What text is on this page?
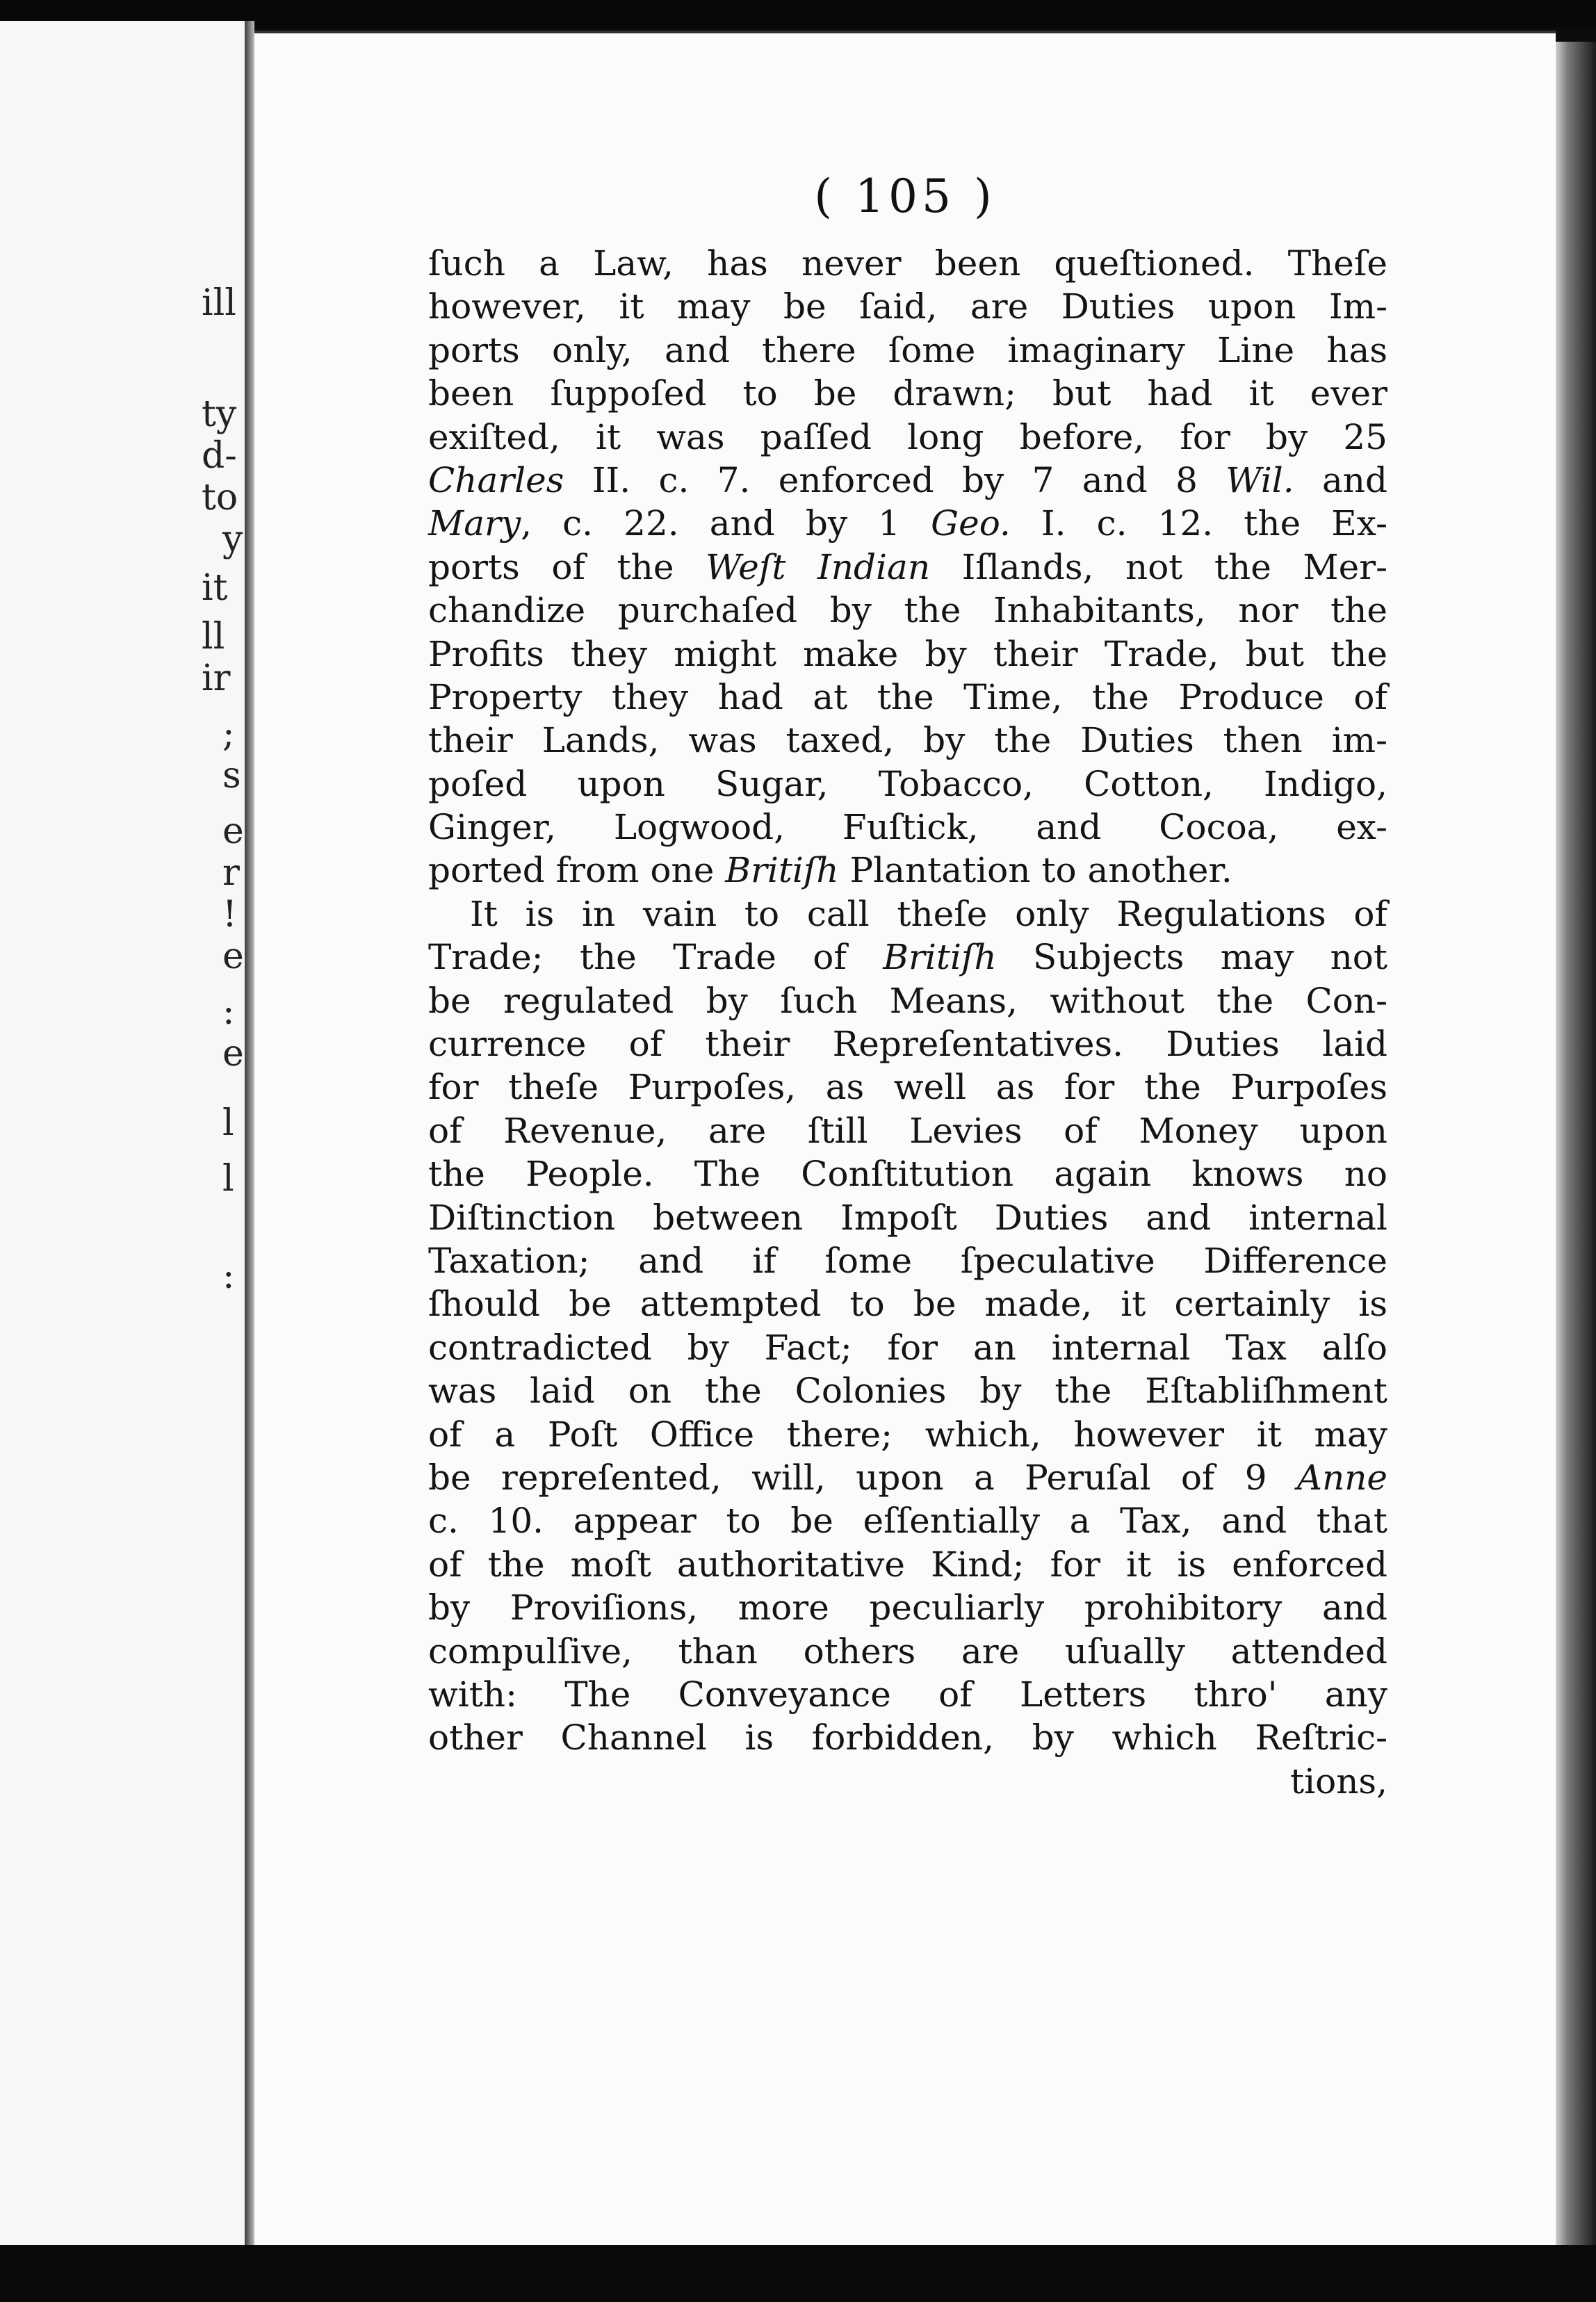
ill
ty
d-
to
y
it
ll
ir
;
s
e
r
!
e
:
e
l
l
:
( 105 )
ſuch a Law, has never been queſtioned. Theſe
however, it may be ſaid, are Duties upon Im-
ports only, and there ſome imaginary Line has
been ſuppoſed to be drawn; but had it ever
exiſted, it was paſſed long before, for by 25
Charles II. c. 7. enforced by 7 and 8 Wil. and
Mary, c. 22. and by 1 Geo. I. c. 12. the Ex-
ports of the Weſt Indian Iſlands, not the Mer-
chandize purchaſed by the Inhabitants, nor the
Profits they might make by their Trade, but the
Property they had at the Time, the Produce of
their Lands, was taxed, by the Duties then im-
poſed upon Sugar, Tobacco, Cotton, Indigo,
Ginger, Logwood, Fuſtick, and Cocoa, ex-
ported from one Britiſh Plantation to another.
It is in vain to call theſe only Regulations of
Trade; the Trade of Britiſh Subjects may not
be regulated by ſuch Means, without the Con-
currence of their Repreſentatives. Duties laid
for theſe Purpoſes, as well as for the Purpoſes
of Revenue, are ſtill Levies of Money upon
the People. The Conſtitution again knows no
Diſtinction between Impoſt Duties and internal
Taxation; and if ſome ſpeculative Difference
ſhould be attempted to be made, it certainly is
contradicted by Fact; for an internal Tax alſo
was laid on the Colonies by the Eſtabliſhment
of a Poſt Office there; which, however it may
be repreſented, will, upon a Peruſal of 9 Anne
c. 10. appear to be eſſentially a Tax, and that
of the moſt authoritative Kind; for it is enforced
by Proviſions, more peculiarly prohibitory and
compulſive, than others are uſually attended
with: The Conveyance of Letters thro' any
other Channel is forbidden, by which Reſtric-
tions,
